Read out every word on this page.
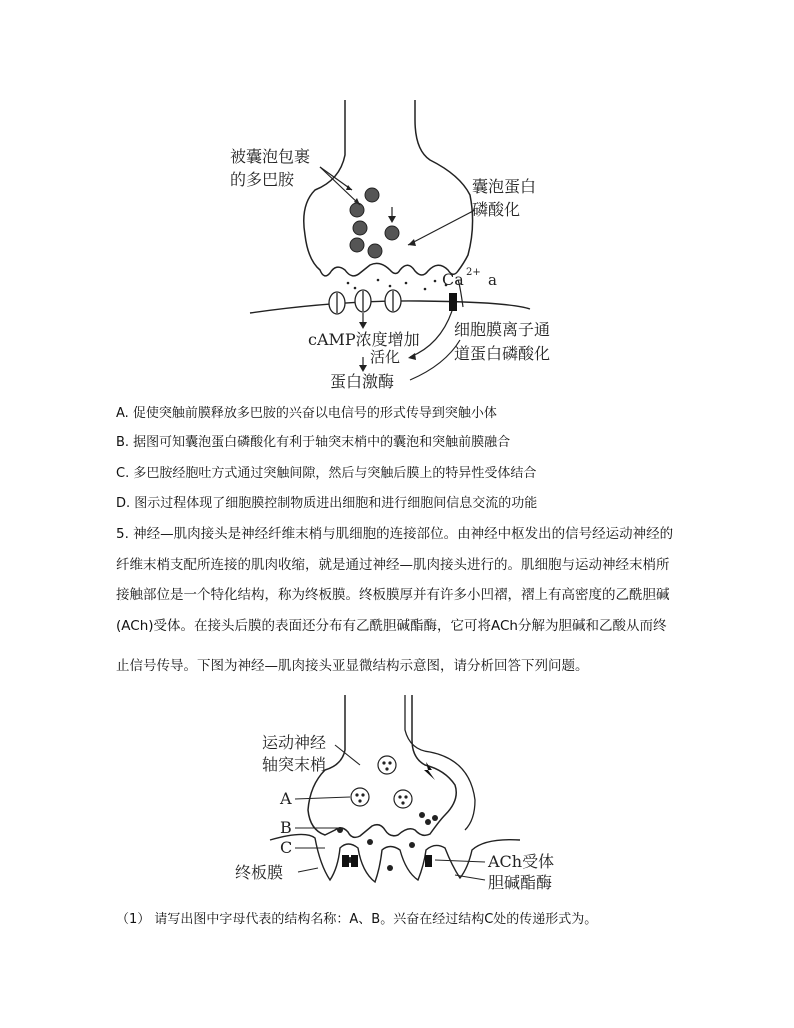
被囊泡包裹
的多巴胺	囊泡蛋白
磷酸化
Ca 2+ a
细胞膜离子通
道蛋白磷酸化
cAMP浓度增加
活化
蛋白激酶
A. 促使突触前膜释放多巴胺的兴奋以电信号的形式传导到突触小体
B. 据图可知囊泡蛋白磷酸化有利于轴突末梢中的囊泡和突触前膜融合
C. 多巴胺经胞吐方式通过突触间隙，然后与突触后膜上的特异性受体结合
D. 图示过程体现了细胞膜控制物质进出细胞和进行细胞间信息交流的功能
5. 神经—肌肉接头是神经纤维末梢与肌细胞的连接部位。由神经中枢发出的信号经运动神经的
纤维末梢支配所连接的肌肉收缩，就是通过神经—肌肉接头进行的。肌细胞与运动神经末梢所
接触部位是一个特化结构，称为终板膜。终板膜厚并有许多小凹褶，褶上有高密度的乙酰胆碱
(ACh)受体。在接头后膜的表面还分布有乙酰胆碱酯酶，它可将ACh分解为胆碱和乙酸从而终
止信号传导。下图为神经—肌肉接头亚显微结构示意图，请分析回答下列问题。
运动神经
轴突末梢
A
B
C
终板膜
ACh受体
胆碱酯酶
（1） 请写出图中字母代表的结构名称：A、B。兴奋在经过结构C处的传递形式为。
